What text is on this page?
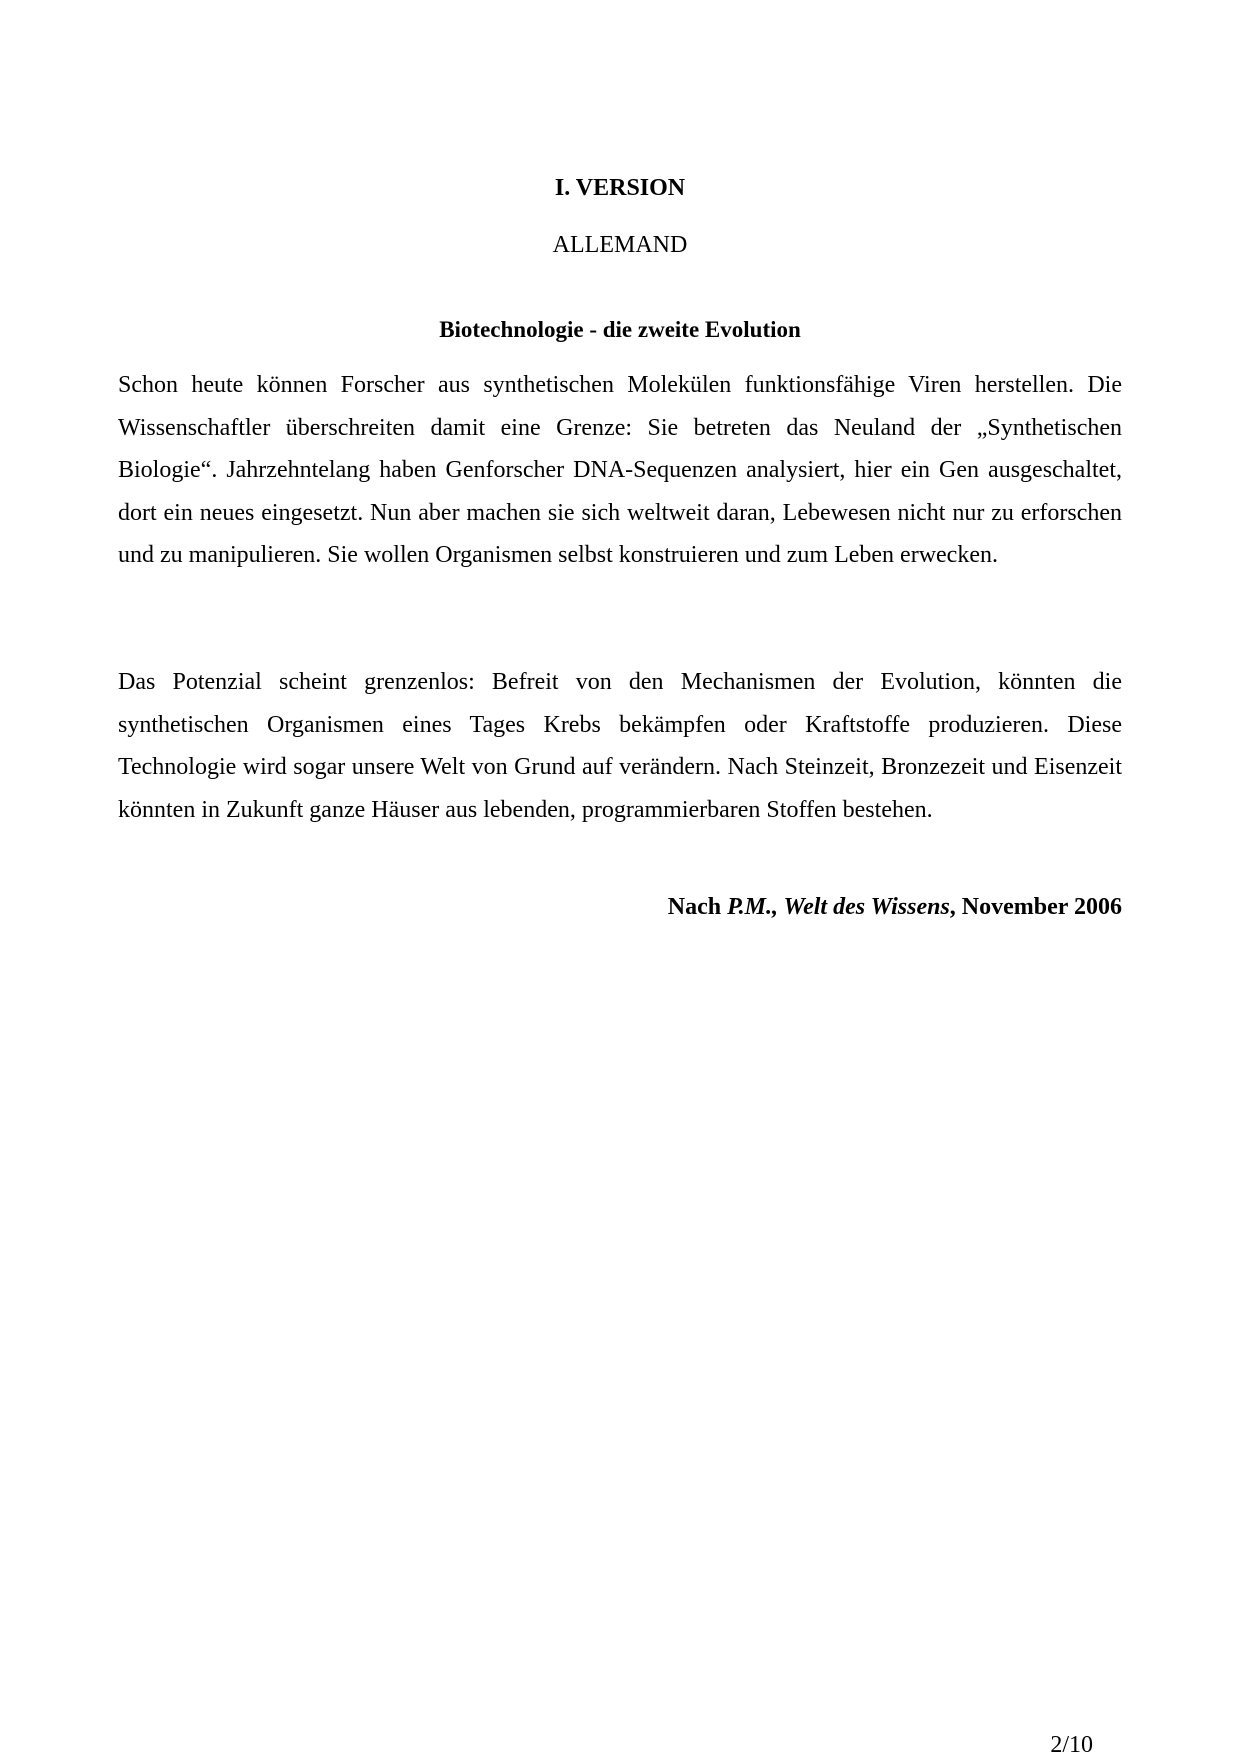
I. VERSION
ALLEMAND
Biotechnologie - die zweite Evolution

Schon heute können Forscher aus synthetischen Molekülen funktionsfähige Viren herstellen. Die Wissenschaftler überschreiten damit eine Grenze: Sie betreten das Neuland der „Synthetischen Biologie“. Jahrzehntelang haben Genforscher DNA-Sequenzen analysiert, hier ein Gen ausgeschaltet, dort ein neues eingesetzt. Nun aber machen sie sich weltweit daran, Lebewesen nicht nur zu erforschen und zu manipulieren. Sie wollen Organismen selbst konstruieren und zum Leben erwecken.

Das Potenzial scheint grenzenlos: Befreit von den Mechanismen der Evolution, könnten die synthetischen Organismen eines Tages Krebs bekämpfen oder Kraftstoffe produzieren. Diese Technologie wird sogar unsere Welt von Grund auf verändern. Nach Steinzeit, Bronzezeit und Eisenzeit könnten in Zukunft ganze Häuser aus lebenden, programmierbaren Stoffen bestehen.

Nach P.M., Welt des Wissens, November 2006
2/10
